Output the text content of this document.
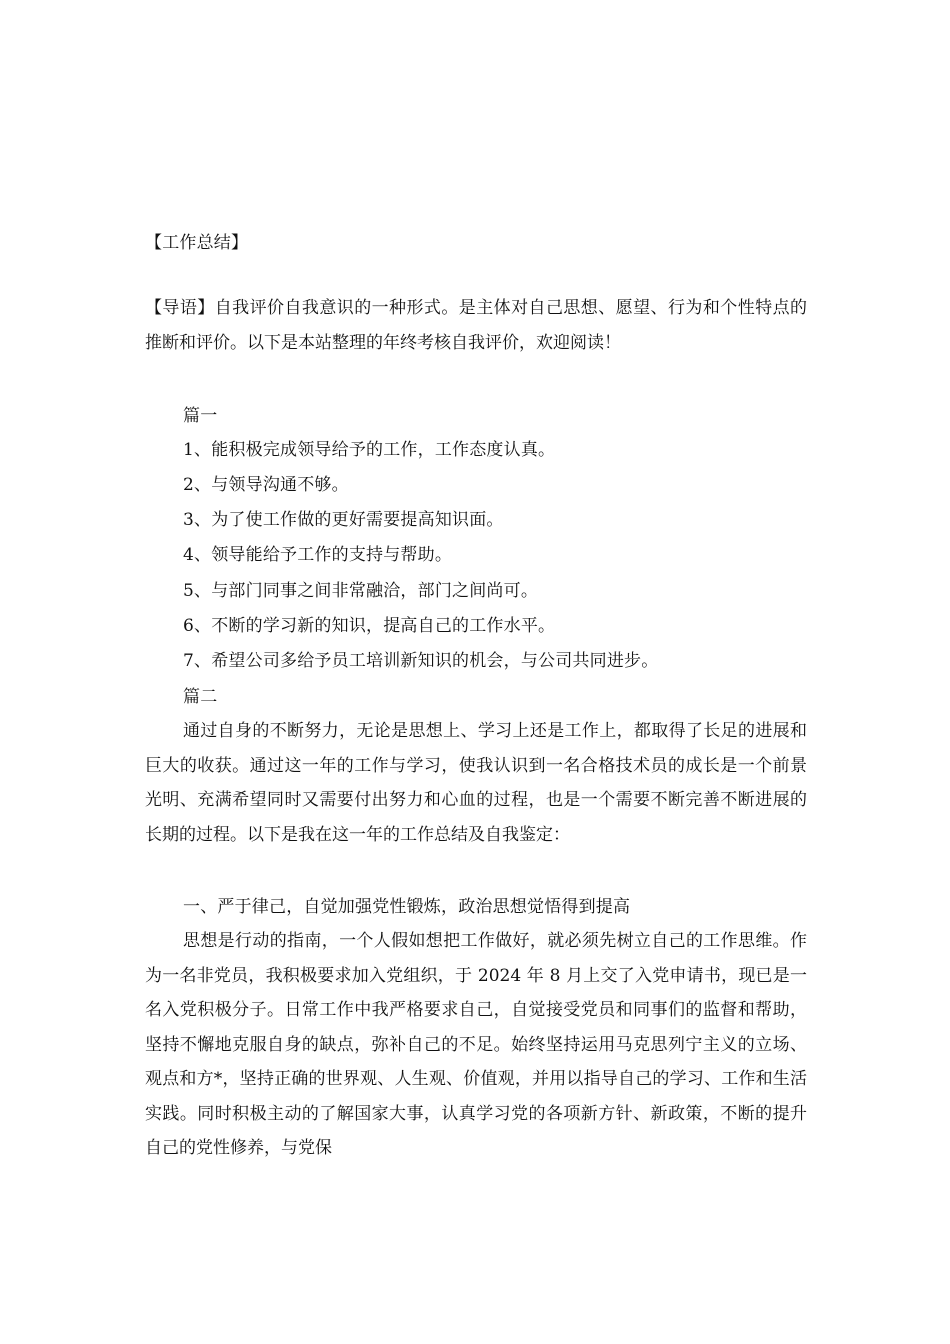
【工作总结】
【导语】自我评价自我意识的一种形式。是主体对自己思想、愿望、行为和个性特点的推断和评价。以下是本站整理的年终考核自我评价，欢迎阅读！
篇一
1、能积极完成领导给予的工作，工作态度认真。
2、与领导沟通不够。
3、为了使工作做的更好需要提高知识面。
4、领导能给予工作的支持与帮助。
5、与部门同事之间非常融洽，部门之间尚可。
6、不断的学习新的知识，提高自己的工作水平。
7、希望公司多给予员工培训新知识的机会，与公司共同进步。
篇二
通过自身的不断努力，无论是思想上、学习上还是工作上，都取得了长足的进展和巨大的收获。通过这一年的工作与学习，使我认识到一名合格技术员的成长是一个前景光明、充满希望同时又需要付出努力和心血的过程，也是一个需要不断完善不断进展的长期的过程。以下是我在这一年的工作总结及自我鉴定：
一、严于律己，自觉加强党性锻炼，政治思想觉悟得到提高
思想是行动的指南，一个人假如想把工作做好，就必须先树立自己的工作思维。作为一名非党员，我积极要求加入党组织，于 2024 年 8 月上交了入党申请书，现已是一名入党积极分子。日常工作中我严格要求自己，自觉接受党员和同事们的监督和帮助，坚持不懈地克服自身的缺点，弥补自己的不足。始终坚持运用马克思列宁主义的立场、观点和方*，坚持正确的世界观、人生观、价值观，并用以指导自己的学习、工作和生活实践。同时积极主动的了解国家大事，认真学习党的各项新方针、新政策，不断的提升自己的党性修养，与党保
